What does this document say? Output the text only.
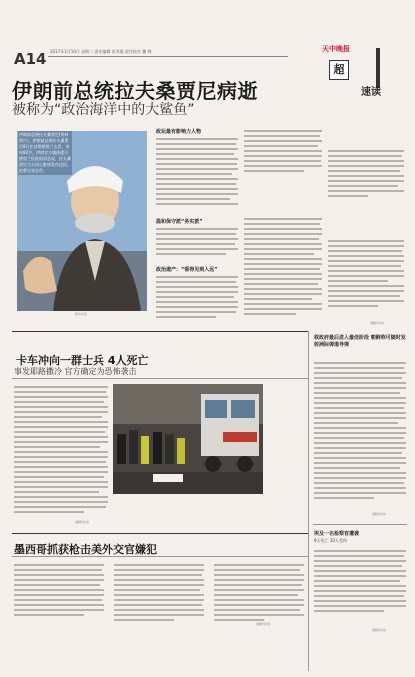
A14 2017年1月10日 星期二 责任编辑 张凤霞 责任校对 魏 锦	天中晚报
超
速读
伊朗前总统拉夫桑贾尼病逝
被称为“政治海洋中的大鲨鱼”
伊朗前总统拉夫桑贾尼(资料照片)。伊朗前总统拉夫桑贾尼8日在首都德黑兰去世，享年82岁。伊朗官方媒体援引德黑兰医院的消息说，拉夫桑贾尼当天因心脏病发作送医，抢救无效去世。
新华社发
政坛最有影响力人物
温和保守派“务实派”
政治遗产：“看得见到入远”
(据新华社)
卡车冲向一群士兵 4人死亡
事发耶路撒冷 官方确定为恐怖袭击
(据新华社)
叙政府最后进入最佳阶段 朝鲜称可随时发射洲际弹道导弹
(据新华社)
埃及一名检察官遭袭
9人死亡 10人受伤
(据新华社)
墨西哥抓获枪击美外交官嫌犯
(据新华社)
